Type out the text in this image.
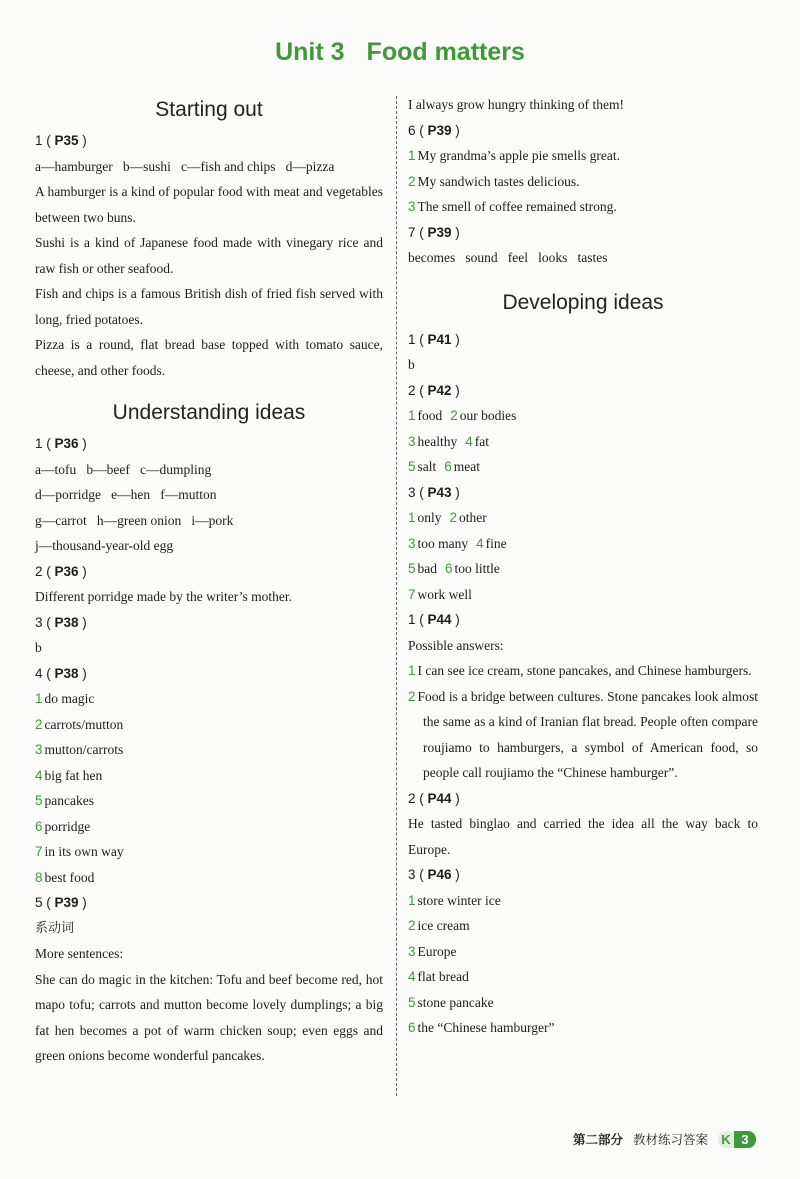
Unit 3 Food matters
Starting out
1 ( P35 )
a—hamburger   b—sushi   c—fish and chips   d—pizza
A hamburger is a kind of popular food with meat and vegetables between two buns.
Sushi is a kind of Japanese food made with vinegary rice and raw fish or other seafood.
Fish and chips is a famous British dish of fried fish served with long, fried potatoes.
Pizza is a round, flat bread base topped with tomato sauce, cheese, and other foods.
Understanding ideas
1 ( P36 )
a—tofu   b—beef   c—dumpling
d—porridge   e—hen   f—mutton
g—carrot   h—green onion   i—pork
j—thousand-year-old egg
2 ( P36 )
Different porridge made by the writer’s mother.
3 ( P38 )
b
4 ( P38 )
1 do magic
2 carrots/mutton
3 mutton/carrots
4 big fat hen
5 pancakes
6 porridge
7 in its own way
8 best food
5 ( P39 )
系动词
More sentences:
She can do magic in the kitchen: Tofu and beef become red, hot mapo tofu; carrots and mutton become lovely dumplings; a big fat hen becomes a pot of warm chicken soup; even eggs and green onions become wonderful pancakes.
I always grow hungry thinking of them!
6 ( P39 )
1 My grandma’s apple pie smells great.
2 My sandwich tastes delicious.
3 The smell of coffee remained strong.
7 ( P39 )
becomes   sound   feel   looks   tastes
Developing ideas
1 ( P41 )
b
2 ( P42 )
1 food 2 our bodies
3 healthy 4 fat
5 salt 6 meat
3 ( P43 )
1 only 2 other
3 too many 4 fine
5 bad 6 too little
7 work well
1 ( P44 )
Possible answers:
1 I can see ice cream, stone pancakes, and Chinese hamburgers.
2 Food is a bridge between cultures. Stone pancakes look almost the same as a kind of Iranian flat bread. People often compare roujiamo to hamburgers, a symbol of American food, so people call roujiamo the “Chinese hamburger”.
2 ( P44 )
He tasted binglao and carried the idea all the way back to Europe.
3 ( P46 )
1 store winter ice
2 ice cream
3 Europe
4 flat bread
5 stone pancake
6 the “Chinese hamburger”
第二部分 教材练习答案 K 3
